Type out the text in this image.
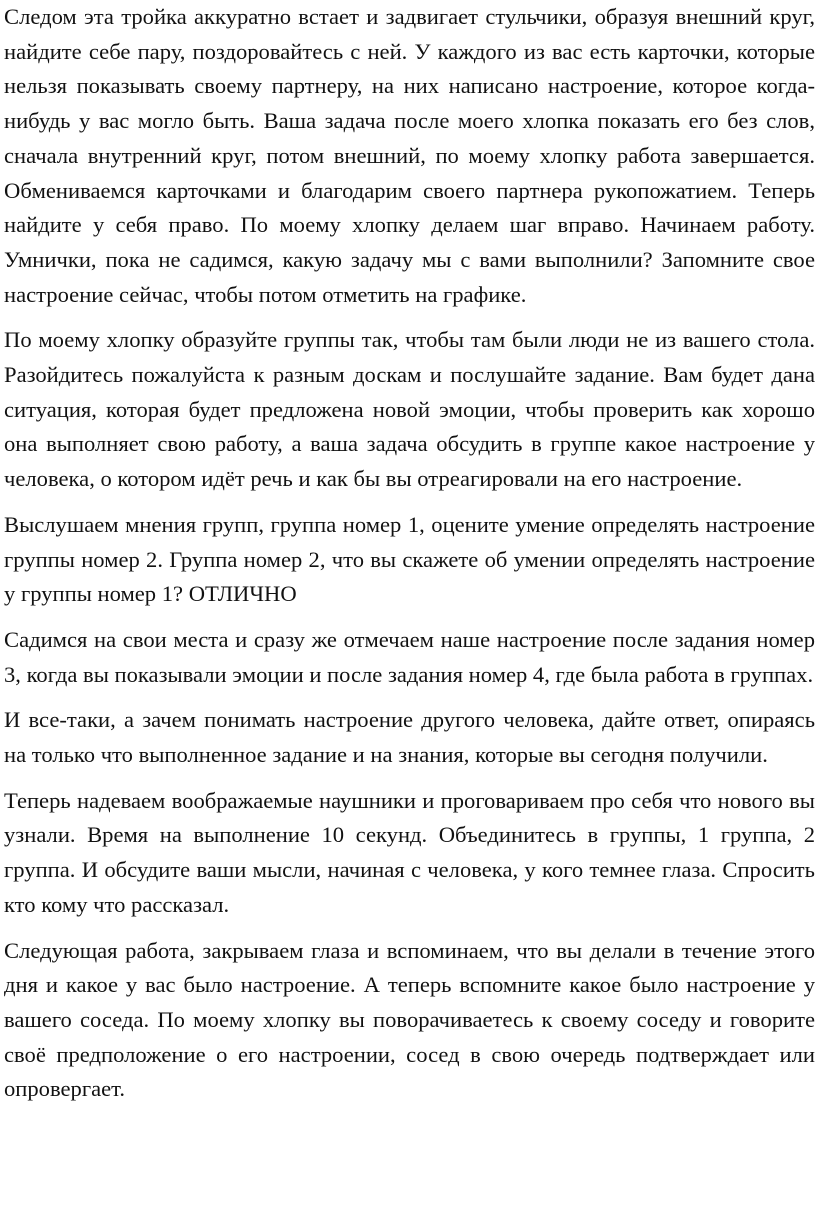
Следом эта тройка аккуратно встает и задвигает стульчики, образуя внешний круг, найдите себе пару, поздоровайтесь с ней. У каждого из вас есть карточки, которые нельзя показывать своему партнеру, на них написано настроение, которое когда-нибудь у вас могло быть. Ваша задача после моего хлопка показать его без слов, сначала внутренний круг, потом внешний, по моему хлопку работа завершается. Обмениваемся карточками и благодарим своего партнера рукопожатием. Теперь найдите у себя право. По моему хлопку делаем шаг вправо. Начинаем работу. Умнички, пока не садимся, какую задачу мы с вами выполнили? Запомните свое настроение сейчас, чтобы потом отметить на графике.

По моему хлопку образуйте группы так, чтобы там были люди не из вашего стола. Разойдитесь пожалуйста к разным доскам и послушайте задание. Вам будет дана ситуация, которая будет предложена новой эмоции, чтобы проверить как хорошо она выполняет свою работу, а ваша задача обсудить в группе какое настроение у человека, о котором идёт речь и как бы вы отреагировали на его настроение.

Выслушаем мнения групп, группа номер 1, оцените умение определять настроение группы номер 2. Группа номер 2, что вы скажете об умении определять настроение у группы номер 1? ОТЛИЧНО

Садимся на свои места и сразу же отмечаем наше настроение после задания номер 3, когда вы показывали эмоции и после задания номер 4, где была работа в группах.

И все-таки, а зачем понимать настроение другого человека, дайте ответ, опираясь на только что выполненное задание и на знания, которые вы сегодня получили.

Теперь надеваем воображаемые наушники и проговариваем про себя что нового вы узнали. Время на выполнение 10 секунд. Объединитесь в группы, 1 группа, 2 группа. И обсудите ваши мысли, начиная с человека, у кого темнее глаза. Спросить кто кому что рассказал.

Следующая работа, закрываем глаза и вспоминаем, что вы делали в течение этого дня и какое у вас было настроение. А теперь вспомните какое было настроение у вашего соседа. По моему хлопку вы поворачиваетесь к своему соседу и говорите своё предположение о его настроении, сосед в свою очередь подтверждает или опровергает.
